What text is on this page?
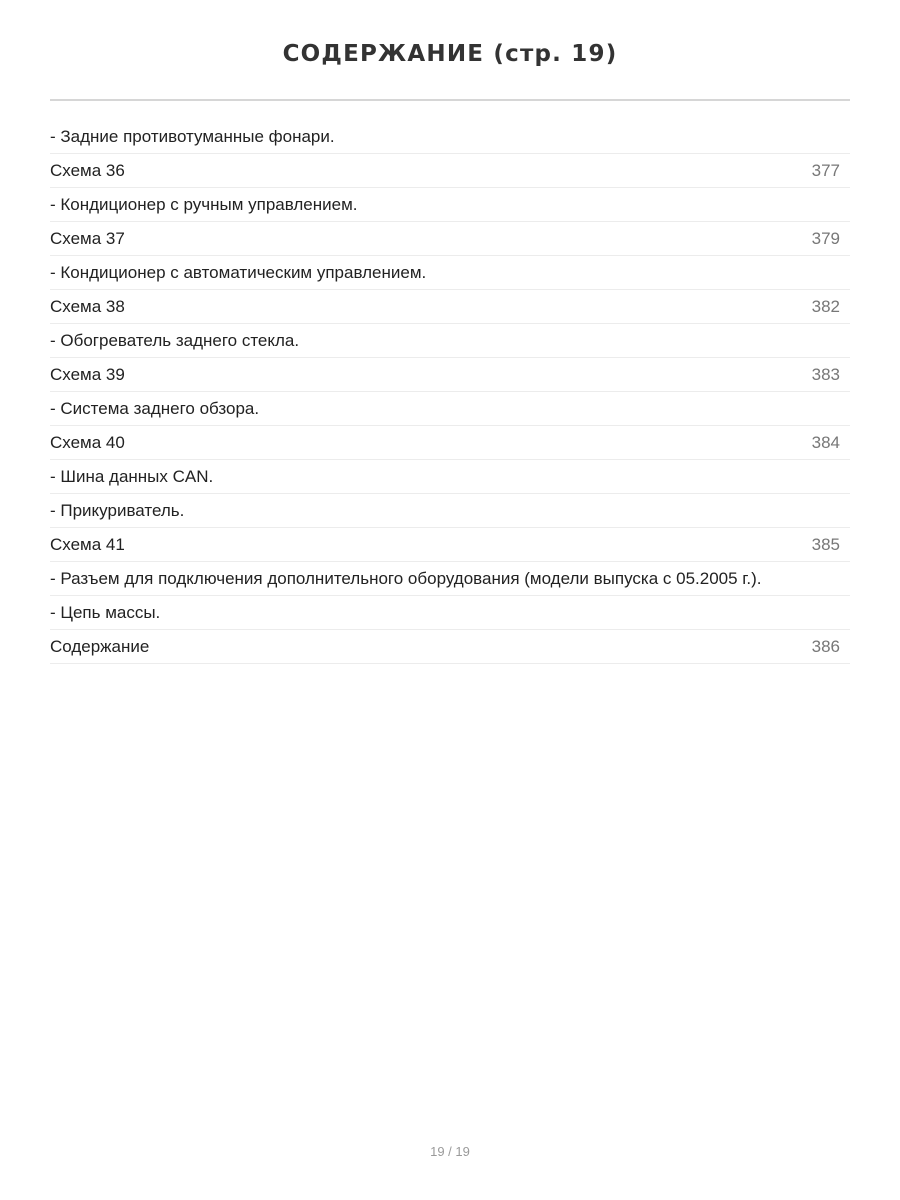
СОДЕРЖАНИЕ (стр. 19)
- Задние противотуманные фонари.
Схема 36	377
- Кондиционер с ручным управлением.
Схема 37	379
- Кондиционер с автоматическим управлением.
Схема 38	382
- Обогреватель заднего стекла.
Схема 39	383
- Система заднего обзора.
Схема 40	384
- Шина данных CAN.
- Прикуриватель.
Схема 41	385
- Разъем для подключения дополнительного оборудования (модели выпуска с 05.2005 г.).
- Цепь массы.
Содержание	386
19 / 19
